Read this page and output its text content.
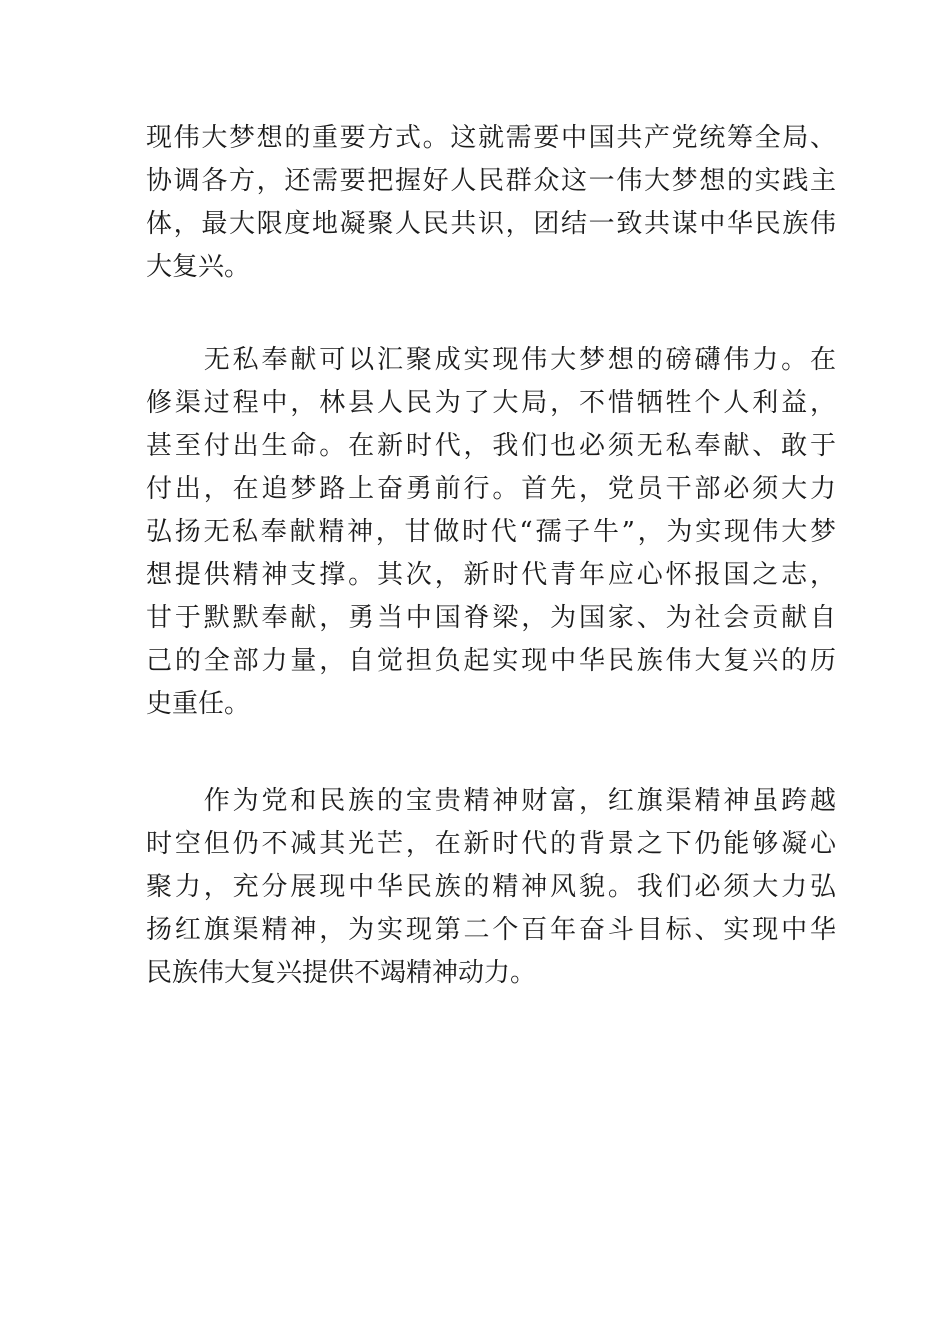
现伟大梦想的重要方式。这就需要中国共产党统筹全局、
协调各方，还需要把握好人民群众这一伟大梦想的实践主
体，最大限度地凝聚人民共识，团结一致共谋中华民族伟
大复兴。
　　无私奉献可以汇聚成实现伟大梦想的磅礴伟力。在
修渠过程中，林县人民为了大局，不惜牺牲个人利益，
甚至付出生命。在新时代，我们也必须无私奉献、敢于
付出，在追梦路上奋勇前行。首先，党员干部必须大力
弘扬无私奉献精神，甘做时代“孺子牛”，为实现伟大梦
想提供精神支撑。其次，新时代青年应心怀报国之志，
甘于默默奉献，勇当中国脊梁，为国家、为社会贡献自
己的全部力量，自觉担负起实现中华民族伟大复兴的历
史重任。
　　作为党和民族的宝贵精神财富，红旗渠精神虽跨越
时空但仍不减其光芒，在新时代的背景之下仍能够凝心
聚力，充分展现中华民族的精神风貌。我们必须大力弘
扬红旗渠精神，为实现第二个百年奋斗目标、实现中华
民族伟大复兴提供不竭精神动力。
